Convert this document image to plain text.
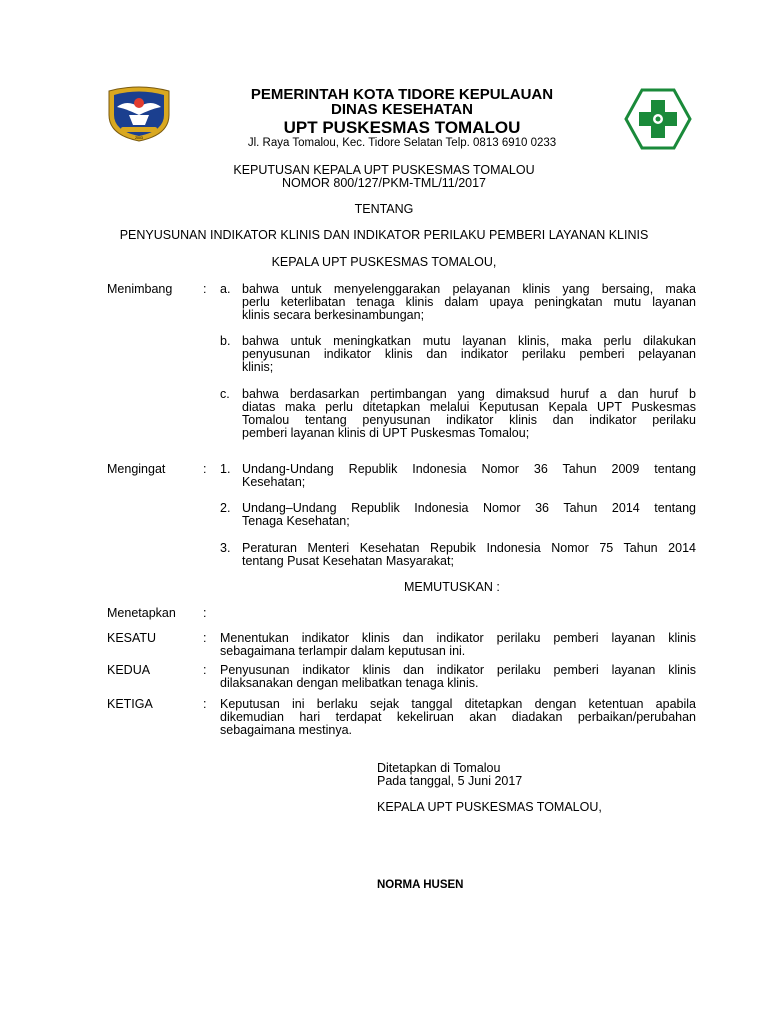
2003
PEMERINTAH KOTA TIDORE KEPULAUAN
DINAS KESEHATAN
UPT PUSKESMAS TOMALOU
Jl. Raya Tomalou, Kec. Tidore Selatan Telp. 0813 6910 0233
KEPUTUSAN KEPALA UPT PUSKESMAS TOMALOU
NOMOR 800/127/PKM-TML/11/2017
TENTANG
PENYUSUNAN INDIKATOR KLINIS DAN INDIKATOR PERILAKU PEMBERI LAYANAN KLINIS
KEPALA UPT PUSKESMAS TOMALOU,
Menimbang : a. bahwa untuk menyelenggarakan pelayanan klinis yang bersaing, maka
perlu keterlibatan tenaga klinis dalam upaya peningkatan mutu layanan
klinis secara berkesinambungan;
b. bahwa untuk meningkatkan mutu layanan klinis, maka perlu dilakukan
penyusunan indikator klinis dan indikator perilaku pemberi pelayanan
klinis;
c. bahwa berdasarkan pertimbangan yang dimaksud huruf a dan huruf b
diatas maka perlu ditetapkan melalui Keputusan Kepala UPT Puskesmas
Tomalou tentang penyusunan indikator klinis dan indikator perilaku
pemberi layanan klinis di UPT Puskesmas Tomalou;
Mengingat	: 1. Undang-Undang Republik Indonesia Nomor 36 Tahun 2009 tentang
Kesehatan;
2. Undang–Undang Republik Indonesia Nomor 36 Tahun 2014 tentang
Tenaga Kesehatan;
3. Peraturan Menteri Kesehatan Repubik Indonesia Nomor 75 Tahun 2014
tentang Pusat Kesehatan Masyarakat;
MEMUTUSKAN :
Menetapkan :
KESATU	: Menentukan indikator klinis dan indikator perilaku pemberi layanan klinis
sebagaimana terlampir dalam keputusan ini.
KEDUA	: Penyusunan indikator klinis dan indikator perilaku pemberi layanan klinis
dilaksanakan dengan melibatkan tenaga klinis.
KETIGA	: Keputusan ini berlaku sejak tanggal ditetapkan dengan ketentuan apabila
dikemudian hari terdapat kekeliruan akan diadakan perbaikan/perubahan
sebagaimana mestinya.
Ditetapkan di Tomalou
Pada tanggal, 5 Juni 2017
KEPALA UPT PUSKESMAS TOMALOU,
NORMA HUSEN
